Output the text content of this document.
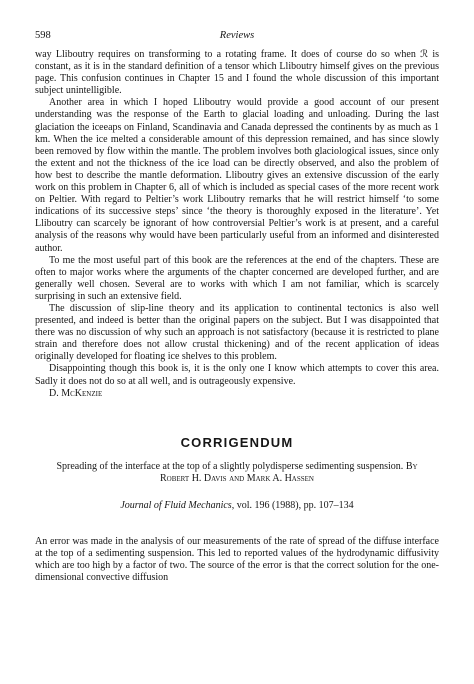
598	Reviews

way Lliboutry requires on transforming to a rotating frame. It does of course do so when ℛ is constant, as it is in the standard definition of a tensor which Lliboutry himself gives on the previous page. This confusion continues in Chapter 15 and I found the whole discussion of this important subject unintelligible.

Another area in which I hoped Lliboutry would provide a good account of our present understanding was the response of the Earth to glacial loading and unloading. During the last glaciation the iceeaps on Finland, Scandinavia and Canada depressed the continents by as much as 1 km. When the ice melted a considerable amount of this depression remained, and has since slowly been removed by flow within the mantle. The problem involves both glaciological issues, since only the extent and not the thickness of the ice load can be directly observed, and also the problem of how best to describe the mantle deformation. Lliboutry gives an extensive discussion of the early work on this problem in Chapter 6, all of which is included as special cases of the more recent work on Peltier. With regard to Peltier’s work Lliboutry remarks that he will restrict himself ‘to some indications of its successive steps’ since ‘the theory is thoroughly exposed in the literature’. Yet Lliboutry can scarcely be ignorant of how controversial Peltier’s work is at present, and a careful analysis of the reasons why would have been particularly useful from an informed and disinterested author.

To me the most useful part of this book are the references at the end of the chapters. These are often to major works where the arguments of the chapter concerned are developed further, and are generally well chosen. Several are to works with which I am not familiar, which is scarcely surprising in such an extensive field.

The discussion of slip-line theory and its application to continental tectonics is also well presented, and indeed is better than the original papers on the subject. But I was disappointed that there was no discussion of why such an approach is not satisfactory (because it is restricted to plane strain and therefore does not allow crustal thickening) and of the recent application of ideas originally developed for floating ice shelves to this problem.

Disappointing though this book is, it is the only one I know which attempts to cover this area. Sadly it does not do so at all well, and is outrageously expensive.

D. McKenzie

CORRIGENDUM

Spreading of the interface at the top of a slightly polydisperse sedimenting suspension. By Robert H. Davis and Mark A. Hassen

Journal of Fluid Mechanics, vol. 196 (1988), pp. 107–134

An error was made in the analysis of our measurements of the rate of spread of the diffuse interface at the top of a sedimenting suspension. This led to reported values of the hydrodynamic diffusivity which are too high by a factor of two. The source of the error is that the correct solution for the one-dimensional convective diffusion
